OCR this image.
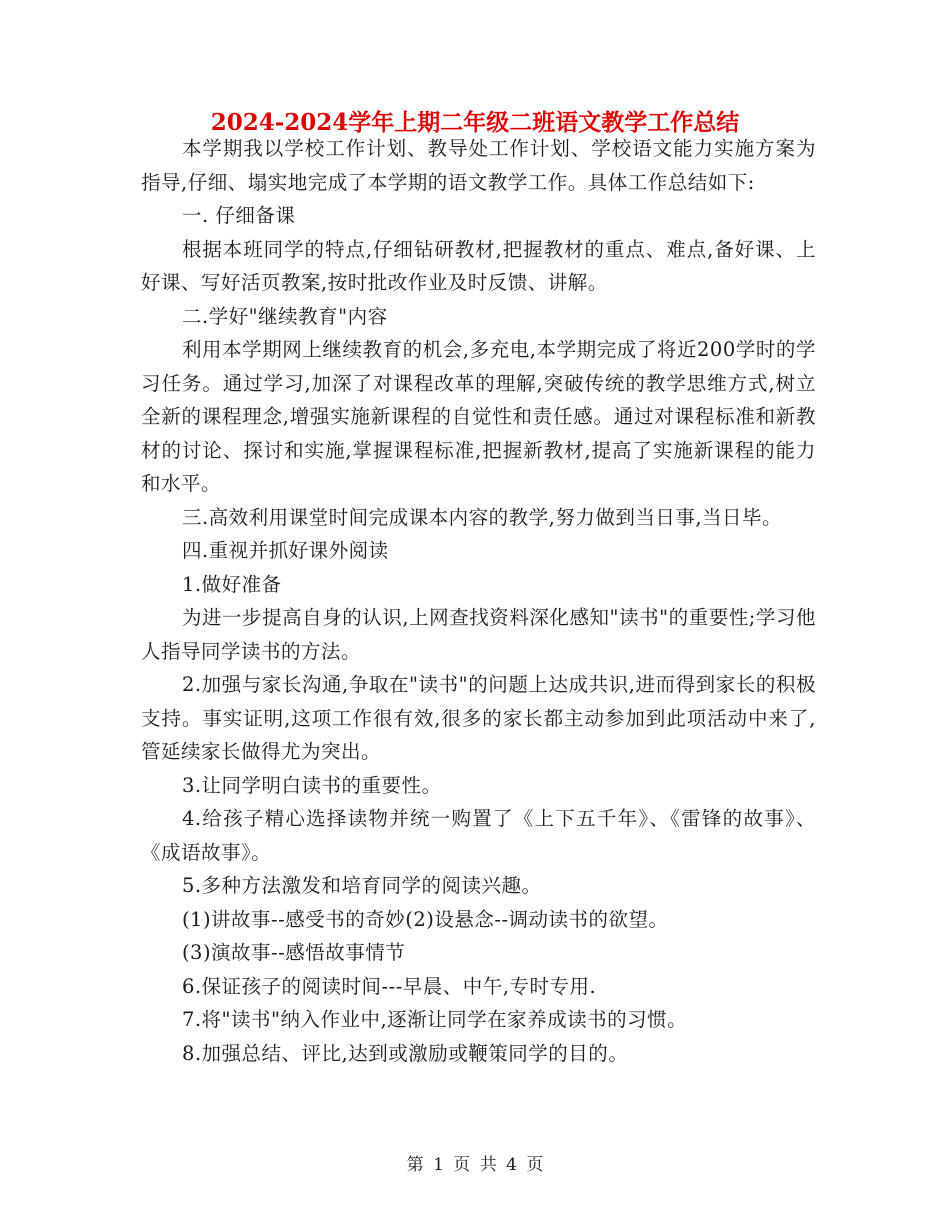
2024-2024学年上期二年级二班语文教学工作总结

本学期我以学校工作计划、教导处工作计划、学校语文能力实施方案为指导,仔细、塌实地完成了本学期的语文教学工作。具体工作总结如下:

一. 仔细备课

根据本班同学的特点,仔细钻研教材,把握教材的重点、难点,备好课、上好课、写好活页教案,按时批改作业及时反馈、讲解。

二.学好"继续教育"内容

利用本学期网上继续教育的机会,多充电,本学期完成了将近200学时的学习任务。通过学习,加深了对课程改革的理解,突破传统的教学思维方式,树立全新的课程理念,增强实施新课程的自觉性和责任感。通过对课程标准和新教材的讨论、探讨和实施,掌握课程标准,把握新教材,提高了实施新课程的能力和水平。

三.高效利用课堂时间完成课本内容的教学,努力做到当日事,当日毕。

四.重视并抓好课外阅读

1.做好准备

为进一步提高自身的认识,上网查找资料深化感知"读书"的重要性;学习他人指导同学读书的方法。

2.加强与家长沟通,争取在"读书"的问题上达成共识,进而得到家长的积极支持。事实证明,这项工作很有效,很多的家长都主动参加到此项活动中来了,管延续家长做得尤为突出。

3.让同学明白读书的重要性。

4.给孩子精心选择读物并统一购置了《上下五千年》、《雷锋的故事》、《成语故事》。

5.多种方法激发和培育同学的阅读兴趣。

(1)讲故事--感受书的奇妙(2)设悬念--调动读书的欲望。

(3)演故事--感悟故事情节

6.保证孩子的阅读时间---早晨、中午,专时专用.

7.将"读书"纳入作业中,逐渐让同学在家养成读书的习惯。

8.加强总结、评比,达到或激励或鞭策同学的目的。

第 1 页 共 4 页
